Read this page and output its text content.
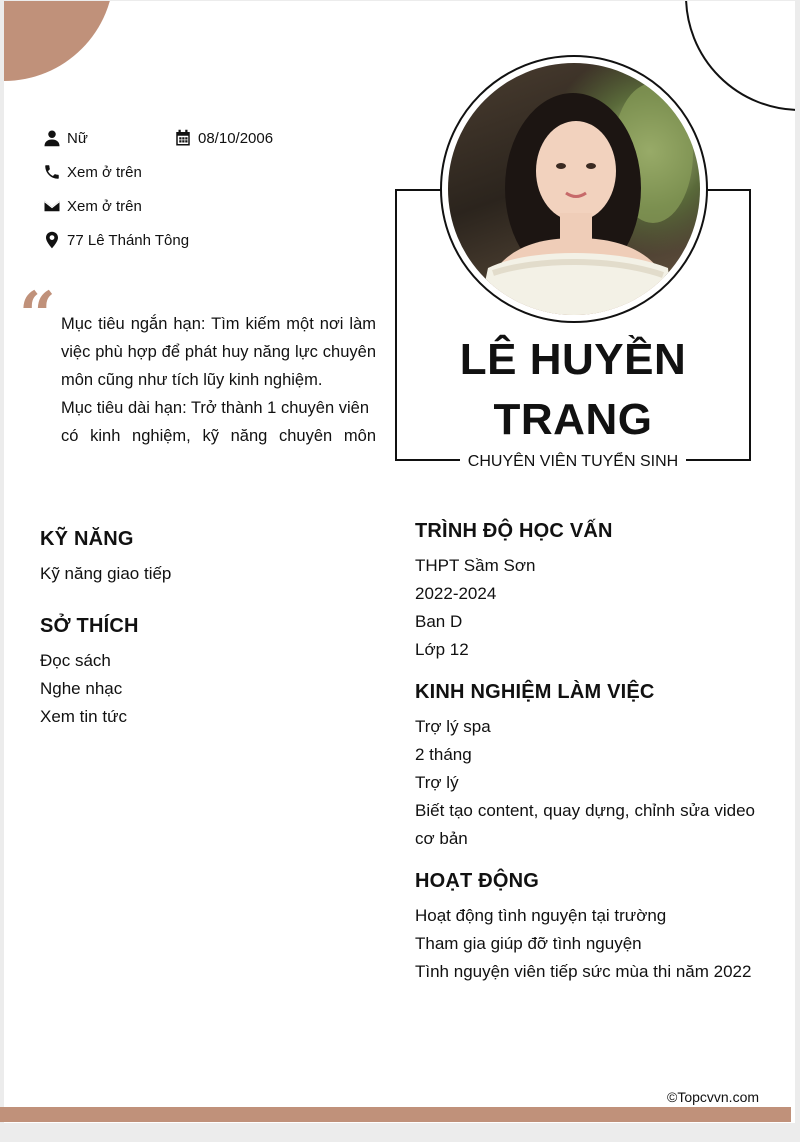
Nữ	08/10/2006
Xem ở trên
Xem ở trên
77 Lê Thánh Tông
“ Mục tiêu ngắn hạn: Tìm kiếm một nơi làm việc phù hợp để phát huy năng lực chuyên môn cũng như tích lũy kinh nghiệm.

Mục tiêu dài hạn: Trở thành 1 chuyên viên

có kinh nghiệm, kỹ năng chuyên môn

LÊ HUYỀN TRANG
CHUYÊN VIÊN TUYỂN SINH
KỸ NĂNG
Kỹ năng giao tiếp
SỞ THÍCH
Đọc sách
Nghe nhạc
Xem tin tức
TRÌNH ĐỘ HỌC VẤN
THPT Sầm Sơn
2022-2024
Ban D
Lớp 12
KINH NGHIỆM LÀM VIỆC
Trợ lý spa
2 tháng
Trợ lý
Biết tạo content, quay dựng, chỉnh sửa video cơ bản
HOẠT ĐỘNG
Hoạt động tình nguyện tại trường
Tham gia giúp đỡ tình nguyện
Tình nguyện viên tiếp sức mùa thi năm 2022
©Topcvvn.com
